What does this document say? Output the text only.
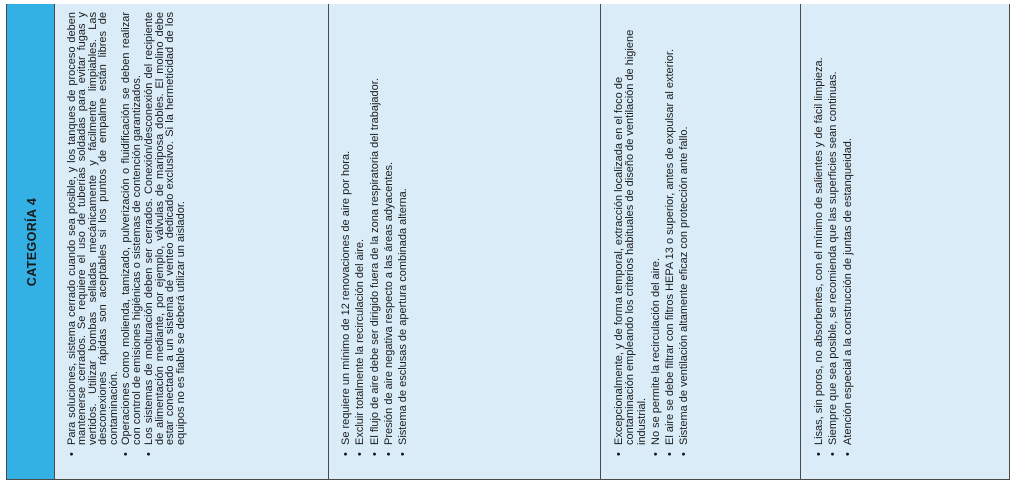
CATEGORÍA 4	• Para soluciones, sistema cerrado cuando sea posible, y los tanques de proceso deben mantenerse cerrados. Se requiere el uso de tuberías soldadas para evitar fugas y vertidos. Utilizar bombas selladas mecánicamente y fácilmente limpiables. Las desconexiones rápidas son aceptables si los puntos de empalme están libres de contaminación. • Operaciones como molienda, tamizado, pulverización o fluidificación se deben realizar con control de emisiones higiénicas o sistemas de contención garantizados. • Los sistemas de molturación deben ser cerrados. Conexión/desconexión del recipiente de alimentación mediante, por ejemplo, válvulas de mariposa dobles. El molino debe estar conectado a un sistema de venteo dedicado exclusivo. Si la hermeticidad de los equipos no es fiable se deberá utilizar un aislador.	• Se requiere un mínimo de 12 renovaciones de aire por hora. • Excluir totalmente la recirculación del aire. • El flujo de aire debe ser dirigido fuera de la zona respiratoria del trabajador. • Presión de aire negativa respecto a las áreas adyacentes. • Sistema de esclusas de apertura combinada alterna.	• Excepcionalmente, y de forma temporal, extracción localizada en el foco de contaminación empleando los criterios habituales de diseño de ventilación de higiene industrial. • No se permite la recirculación del aire. • El aire se debe filtrar con filtros HEPA 13 o superior, antes de expulsar al exterior. • Sistema de ventilación altamente eficaz con protección ante fallo.	• Lisas, sin poros, no absorbentes, con el mínimo de salientes y de fácil limpieza. • Siempre que sea posible, se recomienda que las superficies sean continuas. • Atención especial a la construcción de juntas de estanqueidad.
